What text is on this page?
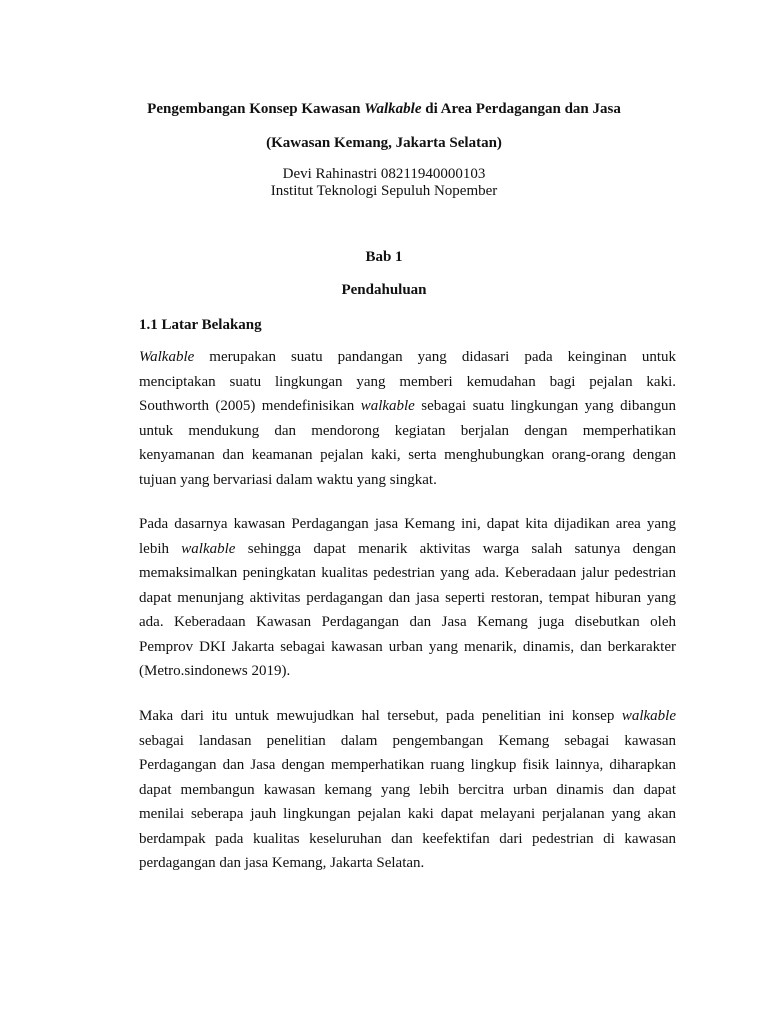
Pengembangan Konsep Kawasan Walkable di Area Perdagangan dan Jasa
(Kawasan Kemang, Jakarta Selatan)
Devi Rahinastri 08211940000103
Institut Teknologi Sepuluh Nopember
Bab 1
Pendahuluan
1.1 Latar Belakang
Walkable merupakan suatu pandangan yang didasari pada keinginan untuk
menciptakan suatu lingkungan yang memberi kemudahan bagi pejalan kaki.
Southworth (2005) mendefinisikan walkable sebagai suatu lingkungan yang dibangun
untuk mendukung dan mendorong kegiatan berjalan dengan memperhatikan
kenyamanan dan keamanan pejalan kaki, serta menghubungkan orang-orang dengan
tujuan yang bervariasi dalam waktu yang singkat.
Pada dasarnya kawasan Perdagangan jasa Kemang ini, dapat kita dijadikan area yang
lebih walkable sehingga dapat menarik aktivitas warga salah satunya dengan
memaksimalkan peningkatan kualitas pedestrian yang ada. Keberadaan jalur pedestrian
dapat menunjang aktivitas perdagangan dan jasa seperti restoran, tempat hiburan yang
ada. Keberadaan Kawasan Perdagangan dan Jasa Kemang juga disebutkan oleh
Pemprov DKI Jakarta sebagai kawasan urban yang menarik, dinamis, dan berkarakter
(Metro.sindonews 2019).
Maka dari itu untuk mewujudkan hal tersebut, pada penelitian ini konsep walkable
sebagai landasan penelitian dalam pengembangan Kemang sebagai kawasan
Perdagangan dan Jasa dengan memperhatikan ruang lingkup fisik lainnya, diharapkan
dapat membangun kawasan kemang yang lebih bercitra urban dinamis dan dapat
menilai seberapa jauh lingkungan pejalan kaki dapat melayani perjalanan yang akan
berdampak pada kualitas keseluruhan dan keefektifan dari pedestrian di kawasan
perdagangan dan jasa Kemang, Jakarta Selatan.
